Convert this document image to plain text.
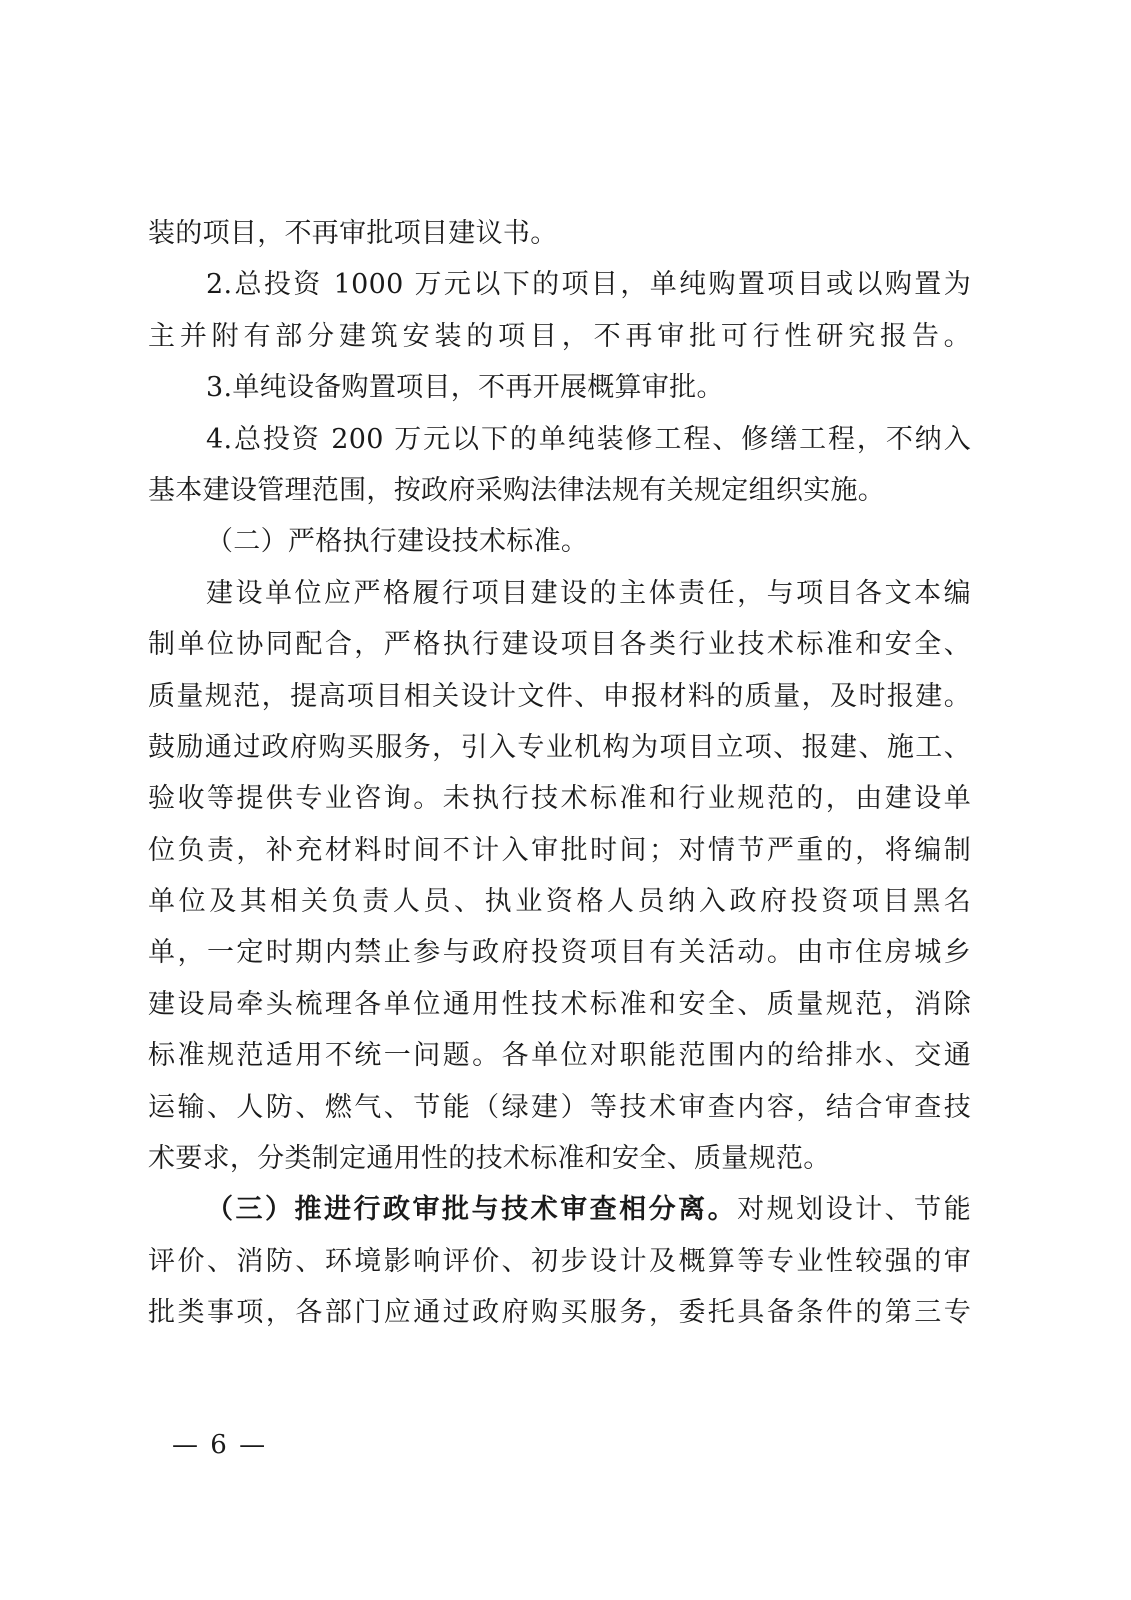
装的项目，不再审批项目建议书。
2.总投资 1000 万元以下的项目，单纯购置项目或以购置为
主并附有部分建筑安装的项目，不再审批可行性研究报告。
3.单纯设备购置项目，不再开展概算审批。
4.总投资 200 万元以下的单纯装修工程、修缮工程，不纳入
基本建设管理范围，按政府采购法律法规有关规定组织实施。
（二）严格执行建设技术标准。
建设单位应严格履行项目建设的主体责任，与项目各文本编
制单位协同配合，严格执行建设项目各类行业技术标准和安全、
质量规范，提高项目相关设计文件、申报材料的质量，及时报建。
鼓励通过政府购买服务，引入专业机构为项目立项、报建、施工、
验收等提供专业咨询。未执行技术标准和行业规范的，由建设单
位负责，补充材料时间不计入审批时间；对情节严重的，将编制
单位及其相关负责人员、执业资格人员纳入政府投资项目黑名
单，一定时期内禁止参与政府投资项目有关活动。由市住房城乡
建设局牵头梳理各单位通用性技术标准和安全、质量规范，消除
标准规范适用不统一问题。各单位对职能范围内的给排水、交通
运输、人防、燃气、节能（绿建）等技术审查内容，结合审查技
术要求，分类制定通用性的技术标准和安全、质量规范。
（三）推进行政审批与技术审查相分离。对规划设计、节能
评价、消防、环境影响评价、初步设计及概算等专业性较强的审
批类事项，各部门应通过政府购买服务，委托具备条件的第三专
— 6 —
